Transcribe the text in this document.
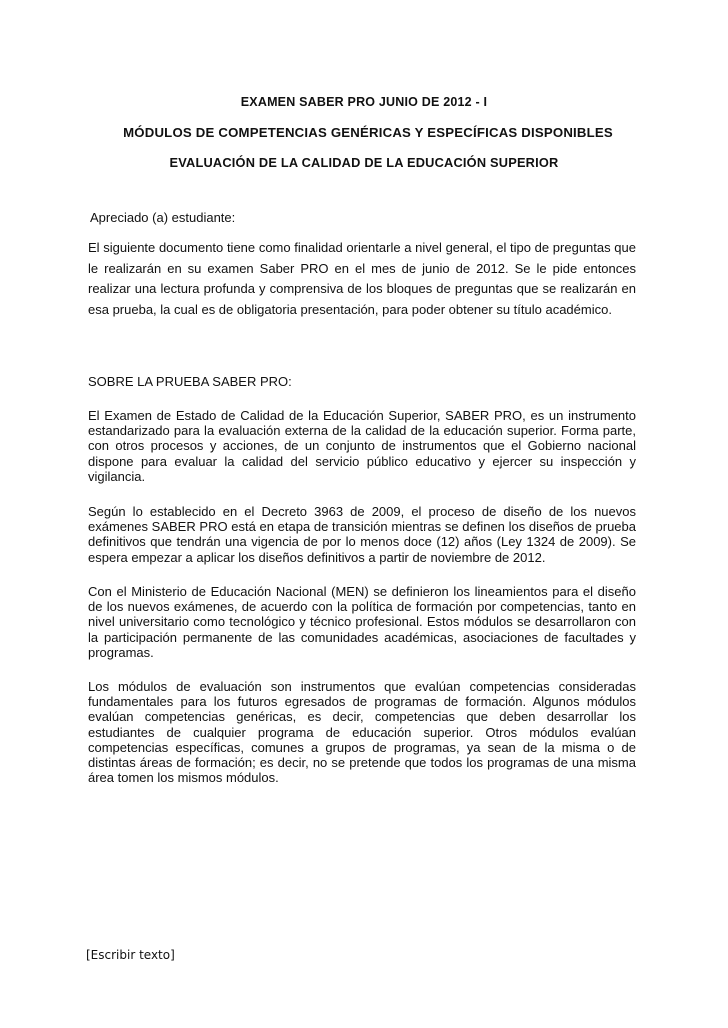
EXAMEN SABER PRO JUNIO DE 2012 - I

MÓDULOS DE COMPETENCIAS GENÉRICAS Y ESPECÍFICAS DISPONIBLES

EVALUACIÓN DE LA CALIDAD DE LA EDUCACIÓN SUPERIOR

Apreciado (a) estudiante:

El siguiente documento tiene como finalidad orientarle a nivel general, el tipo de preguntas que le realizarán en su examen Saber PRO en el mes de junio de 2012. Se le pide entonces realizar una lectura profunda y comprensiva de los bloques de preguntas que se realizarán en esa prueba, la cual es de obligatoria presentación, para poder obtener su título académico.

SOBRE LA PRUEBA SABER PRO:

El Examen de Estado de Calidad de la Educación Superior, SABER PRO, es un instrumento estandarizado para la evaluación externa de la calidad de la educación superior. Forma parte, con otros procesos y acciones, de un conjunto de instrumentos que el Gobierno nacional dispone para evaluar la calidad del servicio público educativo y ejercer su inspección y vigilancia.

Según lo establecido en el Decreto 3963 de 2009, el proceso de diseño de los nuevos exámenes SABER PRO está en etapa de transición mientras se definen los diseños de prueba definitivos que tendrán una vigencia de por lo menos doce (12) años (Ley 1324 de 2009). Se espera empezar a aplicar los diseños definitivos a partir de noviembre de 2012.

Con el Ministerio de Educación Nacional (MEN) se definieron los lineamientos para el diseño de los nuevos exámenes, de acuerdo con la política de formación por competencias, tanto en nivel universitario como tecnológico y técnico profesional. Estos módulos se desarrollaron con la participación permanente de las comunidades académicas, asociaciones de facultades y programas.

Los módulos de evaluación son instrumentos que evalúan competencias consideradas fundamentales para los futuros egresados de programas de formación. Algunos módulos evalúan competencias genéricas, es decir, competencias que deben desarrollar los estudiantes de cualquier programa de educación superior. Otros módulos evalúan competencias específicas, comunes a grupos de programas, ya sean de la misma o de distintas áreas de formación; es decir, no se pretende que todos los programas de una misma área tomen los mismos módulos.

[Escribir texto]
